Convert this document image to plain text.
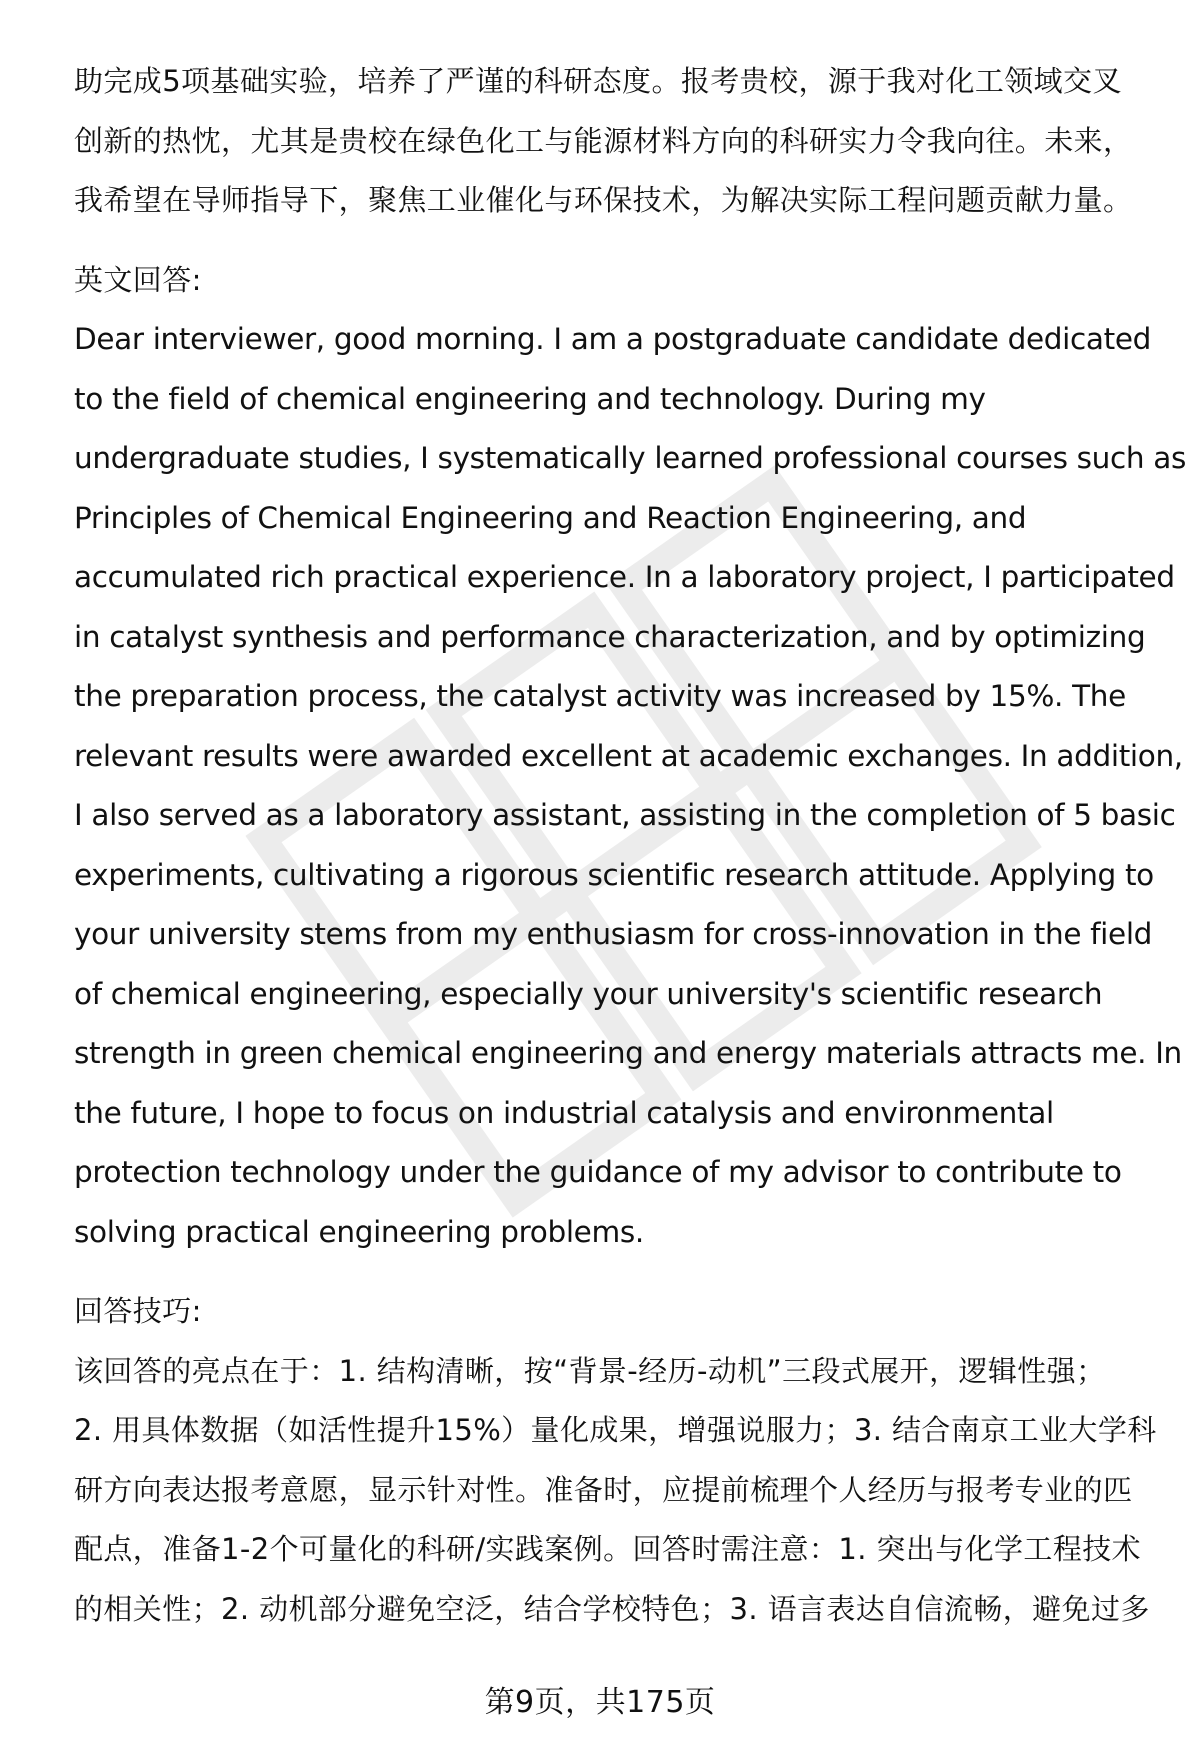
助完成5项基础实验，培养了严谨的科研态度。报考贵校，源于我对化工领域交叉
创新的热忱，尤其是贵校在绿色化工与能源材料方向的科研实力令我向往。未来，
我希望在导师指导下，聚焦工业催化与环保技术，为解决实际工程问题贡献力量。
英文回答:
Dear interviewer, good morning. I am a postgraduate candidate dedicated
to the field of chemical engineering and technology. During my
undergraduate studies, I systematically learned professional courses such as
Principles of Chemical Engineering and Reaction Engineering, and
accumulated rich practical experience. In a laboratory project, I participated
in catalyst synthesis and performance characterization, and by optimizing
the preparation process, the catalyst activity was increased by 15%. The
relevant results were awarded excellent at academic exchanges. In addition,
I also served as a laboratory assistant, assisting in the completion of 5 basic
experiments, cultivating a rigorous scientific research attitude. Applying to
your university stems from my enthusiasm for cross-innovation in the field
of chemical engineering, especially your university's scientific research
strength in green chemical engineering and energy materials attracts me. In
the future, I hope to focus on industrial catalysis and environmental
protection technology under the guidance of my advisor to contribute to
solving practical engineering problems.
回答技巧:
该回答的亮点在于：1. 结构清晰，按“背景-经历-动机”三段式展开，逻辑性强；
2. 用具体数据（如活性提升15%）量化成果，增强说服力；3. 结合南京工业大学科
研方向表达报考意愿，显示针对性。准备时，应提前梳理个人经历与报考专业的匹
配点，准备1-2个可量化的科研/实践案例。回答时需注意：1. 突出与化学工程技术
的相关性；2. 动机部分避免空泛，结合学校特色；3. 语言表达自信流畅，避免过多
第9页，共175页
